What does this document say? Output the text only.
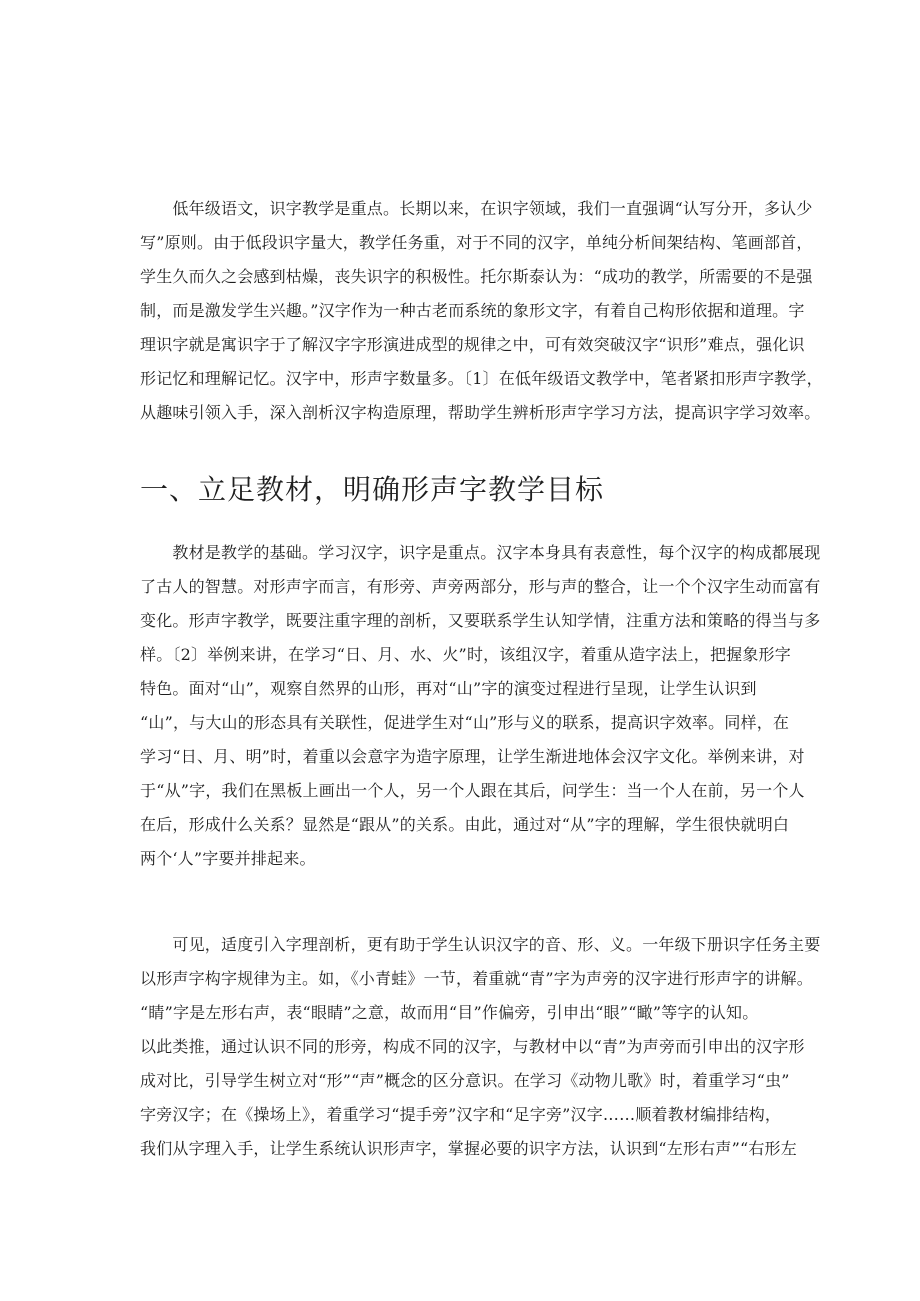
　　低年级语文，识字教学是重点。长期以来，在识字领域，我们一直强调“认写分开，多认少
写”原则。由于低段识字量大，教学任务重，对于不同的汉字，单纯分析间架结构、笔画部首，
学生久而久之会感到枯燥，丧失识字的积极性。托尔斯泰认为：“成功的教学，所需要的不是强
制，而是激发学生兴趣。”汉字作为一种古老而系统的象形文字，有着自己构形依据和道理。字
理识字就是寓识字于了解汉字字形演进成型的规律之中，可有效突破汉字“识形”难点，强化识
形记忆和理解记忆。汉字中，形声字数量多。〔1〕在低年级语文教学中，笔者紧扣形声字教学，
从趣味引领入手，深入剖析汉字构造原理，帮助学生辨析形声字学习方法，提高识字学习效率。
一、立足教材，明确形声字教学目标
　　教材是教学的基础。学习汉字，识字是重点。汉字本身具有表意性，每个汉字的构成都展现
了古人的智慧。对形声字而言，有形旁、声旁两部分，形与声的整合，让一个个汉字生动而富有
变化。形声字教学，既要注重字理的剖析，又要联系学生认知学情，注重方法和策略的得当与多
样。〔2〕举例来讲，在学习“日、月、水、火”时，该组汉字，着重从造字法上，把握象形字
特色。面对“山”，观察自然界的山形，再对“山”字的演变过程进行呈现，让学生认识到
“山”，与大山的形态具有关联性，促进学生对“山”形与义的联系，提高识字效率。同样，在
学习“日、月、明”时，着重以会意字为造字原理，让学生渐进地体会汉字文化。举例来讲，对
于“从”字，我们在黑板上画出一个人，另一个人跟在其后，问学生：当一个人在前，另一个人
在后，形成什么关系？显然是“跟从”的关系。由此，通过对“从”字的理解，学生很快就明白
两个‘人”字要并排起来。
　　可见，适度引入字理剖析，更有助于学生认识汉字的音、形、义。一年级下册识字任务主要
以形声字构字规律为主。如，《小青蛙》一节，着重就“青”字为声旁的汉字进行形声字的讲解。
“睛”字是左形右声，表“眼睛”之意，故而用“目”作偏旁，引申出“眼”“瞰”等字的认知。
以此类推，通过认识不同的形旁，构成不同的汉字，与教材中以“青”为声旁而引申出的汉字形
成对比，引导学生树立对“形”“声”概念的区分意识。在学习《动物儿歌》时，着重学习“虫”
字旁汉字；在《操场上》，着重学习“提手旁”汉字和“足字旁”汉字……顺着教材编排结构，
我们从字理入手，让学生系统认识形声字，掌握必要的识字方法，认识到“左形右声”“右形左
